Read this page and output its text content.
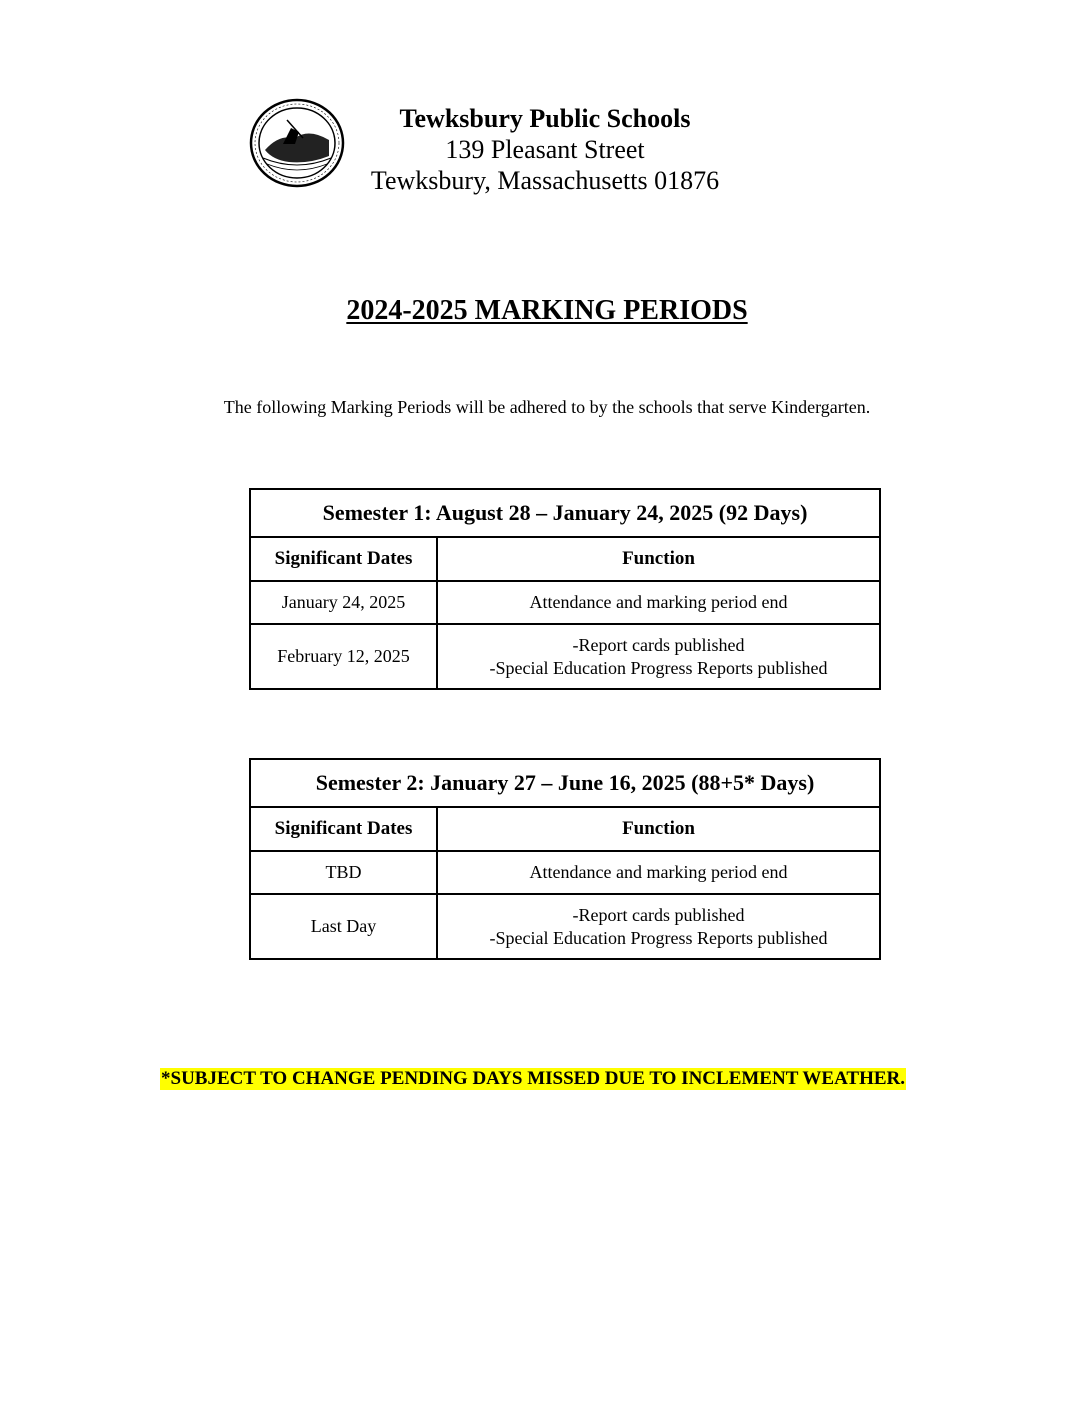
Tewksbury Public Schools
139 Pleasant Street
Tewksbury, Massachusetts 01876
2024-2025 MARKING PERIODS
The following Marking Periods will be adhered to by the schools that serve Kindergarten.
Semester 1: August 28 – January 24, 2025 (92 Days)	
Significant Dates	Function
January 24, 2025	Attendance and marking period end

February 12, 2025	-Report cards published
-Special Education Progress Reports published
Semester 2: January 27 – June 16, 2025 (88+5* Days)	
Significant Dates	Function
TBD	Attendance and marking period end

Last Day	-Report cards published
-Special Education Progress Reports published
*SUBJECT TO CHANGE PENDING DAYS MISSED DUE TO INCLEMENT WEATHER.
